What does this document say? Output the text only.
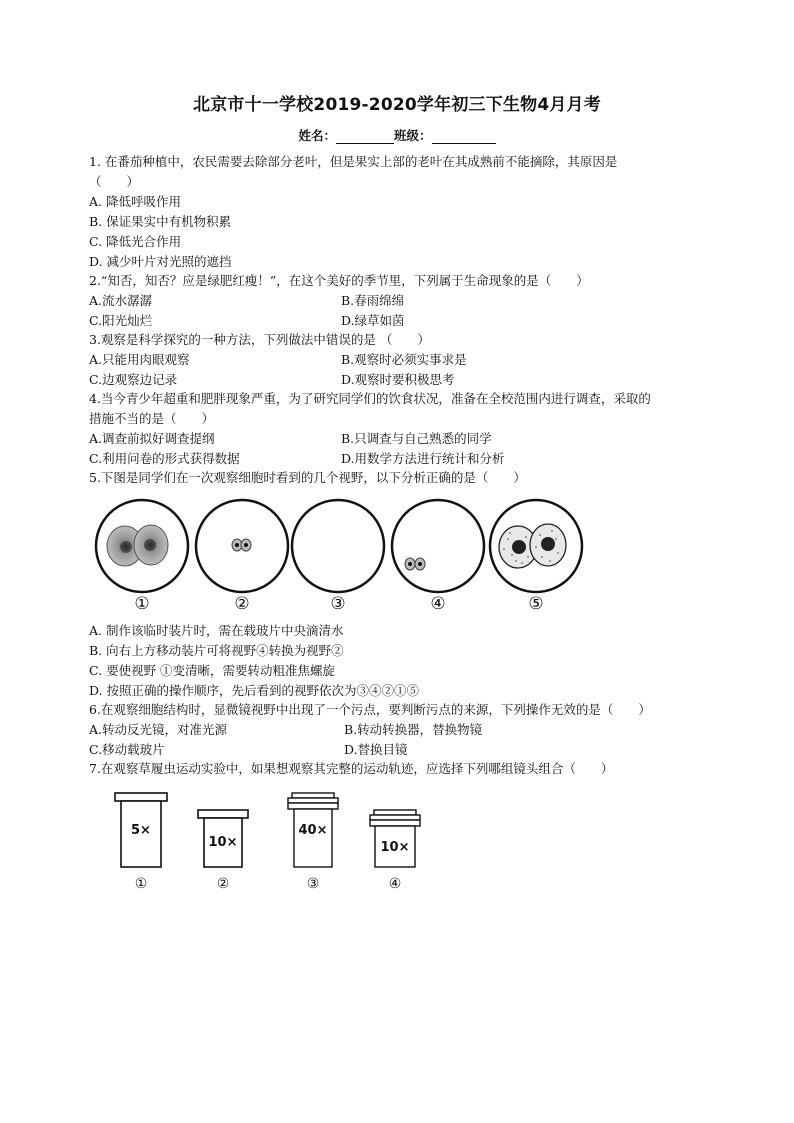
北京市十一学校2019-2020学年初三下生物4月月考
姓名：	班级：
1. 在番茄种植中，农民需要去除部分老叶，但是果实上部的老叶在其成熟前不能摘除，其原因是
（　　）
A. 降低呼吸作用
B. 保证果实中有机物积累
C. 降低光合作用
D. 减少叶片对光照的遮挡
2.“知否，知否？应是绿肥红瘦！”，在这个美好的季节里，下列属于生命现象的是（　　）
A.流水潺潺	B.春雨绵绵
C.阳光灿烂	D.绿草如茵
3.观察是科学探究的一种方法，下列做法中错误的是 （　　）
A.只能用肉眼观察	B.观察时必须实事求是
C.边观察边记录	D.观察时要积极思考
4.当今青少年超重和肥胖现象严重，为了研究同学们的饮食状况，准备在全校范围内进行调查，采取的
措施不当的是（　　）
A.调查前拟好调查提纲	B.只调查与自己熟悉的同学
C.利用问卷的形式获得数据	D.用数学方法进行统计和分析
5.下图是同学们在一次观察细胞时看到的几个视野，以下分析正确的是（　　）
①	②	③	④	⑤
A. 制作该临时装片时，需在载玻片中央滴清水
B. 向右上方移动装片可将视野④转换为视野②
C. 要使视野 ①变清晰，需要转动粗准焦螺旋
D. 按照正确的操作顺序，先后看到的视野依次为③④②①⑤
6.在观察细胞结构时，显微镜视野中出现了一个污点，要判断污点的来源，下列操作无效的是（　　）
A.转动反光镜，对准光源	B.转动转换器，替换物镜
C.移动载玻片	D.替换目镜
7.在观察草履虫运动实验中，如果想观察其完整的运动轨迹，应选择下列哪组镜头组合（　　）
5×
10×
40×
10×
①	②	③	④
